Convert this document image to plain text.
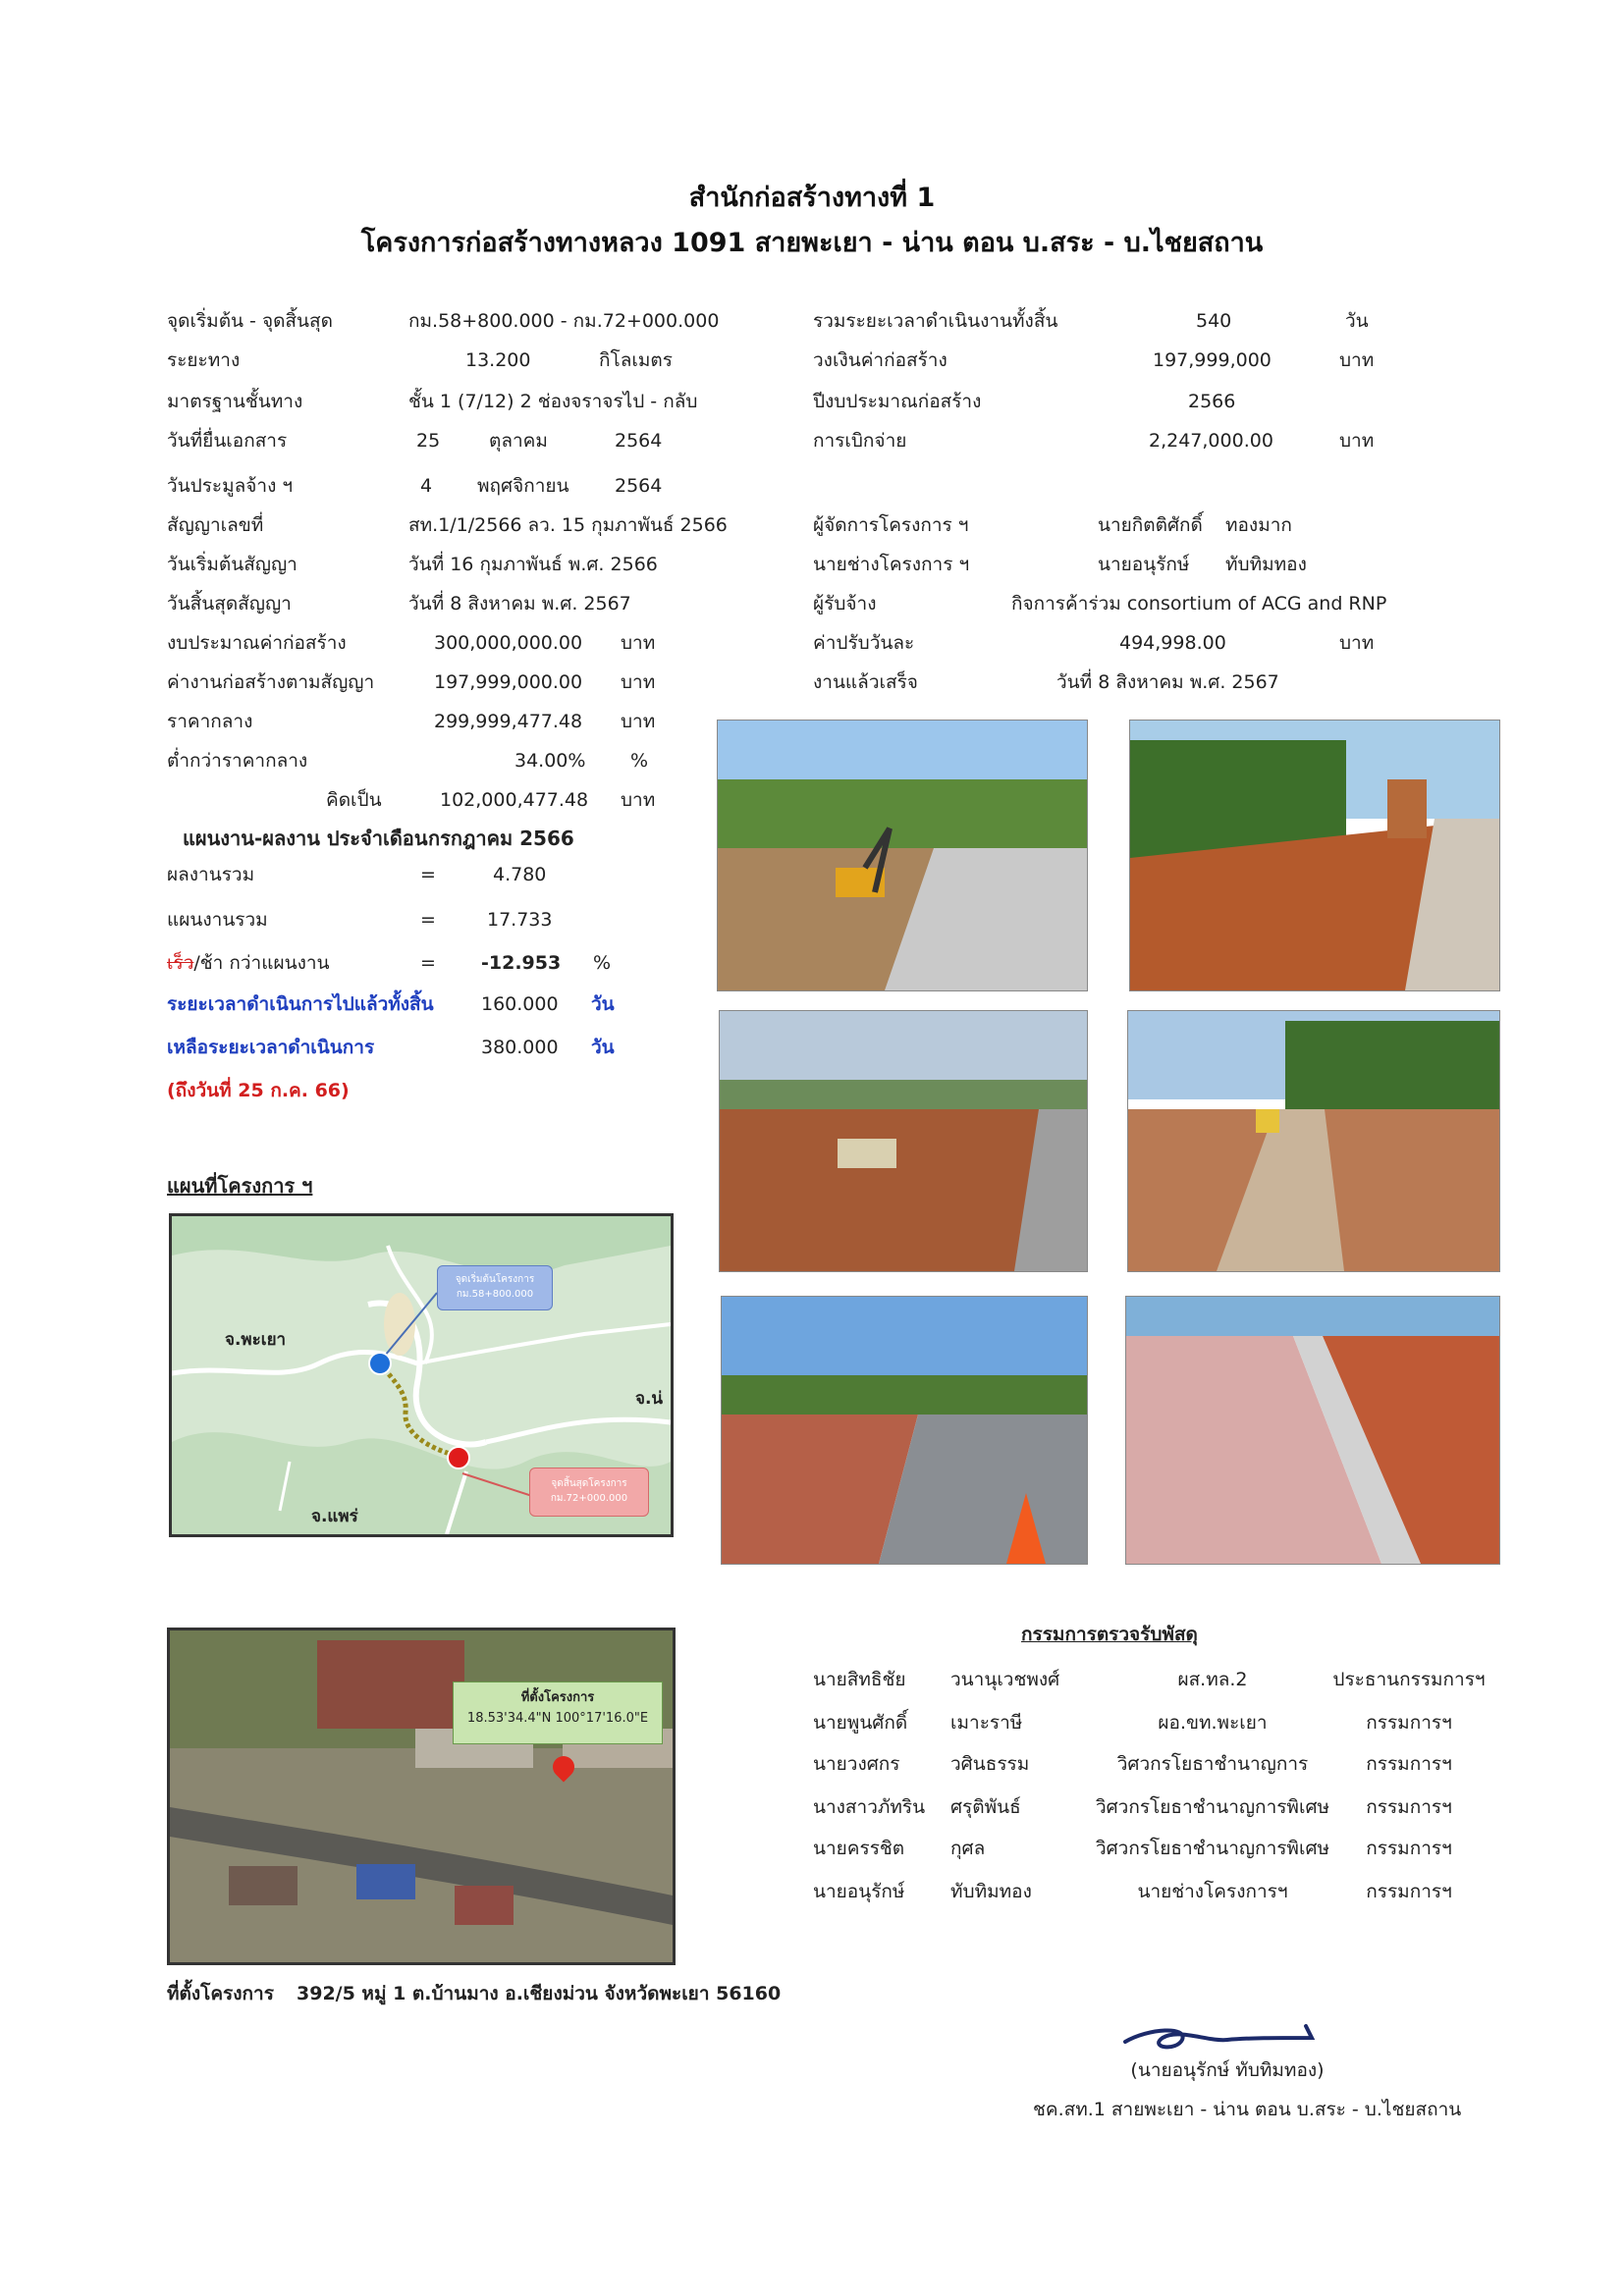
สำนักก่อสร้างทางที่ 1
โครงการก่อสร้างทางหลวง 1091 สายพะเยา - น่าน ตอน บ.สระ - บ.ไชยสถาน
จุดเริ่มต้น - จุดสิ้นสุด	กม.58+800.000 - กม.72+000.000
ระยะทาง	13.200	กิโลเมตร
มาตรฐานชั้นทาง	ชั้น 1 (7/12) 2 ช่องจราจรไป - กลับ
วันที่ยื่นเอกสาร	25	ตุลาคม	2564
วันประมูลจ้าง ฯ	4 พฤศจิกายน 2564
สัญญาเลขที่	สท.1/1/2566 ลว. 15 กุมภาพันธ์ 2566
วันเริ่มต้นสัญญา	วันที่ 16 กุมภาพันธ์ พ.ศ. 2566
วันสิ้นสุดสัญญา	วันที่ 8 สิงหาคม พ.ศ. 2567
งบประมาณค่าก่อสร้าง	300,000,000.00 บาท
ค่างานก่อสร้างตามสัญญา	197,999,000.00 บาท
ราคากลาง	299,999,477.48 บาท
ต่ำกว่าราคากลาง	34.00% %
คิดเป็น	102,000,477.48 บาท
รวมระยะเวลาดำเนินงานทั้งสิ้น	540	วัน
วงเงินค่าก่อสร้าง	197,999,000	บาท
ปีงบประมาณก่อสร้าง	2566
การเบิกจ่าย	2,247,000.00	บาท
ผู้จัดการโครงการ ฯ	นายกิตติศักดิ์ ทองมาก
นายช่างโครงการ ฯ	นายอนุรักษ์ ทับทิมทอง
ผู้รับจ้าง	กิจการค้าร่วม consortium of ACG and RNP
ค่าปรับวันละ	494,998.00	บาท
งานแล้วเสร็จ	วันที่ 8 สิงหาคม พ.ศ. 2567
แผนงาน-ผลงาน ประจำเดือน กรกฎาคม 2566
ผลงานรวม	=	4.780
แผนงานรวม	=	17.733
เร็ว/ช้า กว่าแผนงาน	= -12.953 %
ระยะเวลาดำเนินการไปแล้วทั้งสิ้น	160.000 วัน
เหลือระยะเวลาดำเนินการ	380.000 วัน
(ถึงวันที่ 25 ก.ค. 66)
แผนที่โครงการ ฯ
จุดเริ่มต้นโครงการ
กม.58+800.000
จุดสิ้นสุดโครงการ
กม.72+000.000
จ.พะเยา
จ.น่
จ.แพร่
ที่ตั้งโครงการ
18.53'34.4"N 100°17'16.0"E
ที่ตั้งโครงการ 392/5 หมู่ 1 ต.บ้านมาง อ.เชียงม่วน จังหวัดพะเยา 56160
กรรมการตรวจรับพัสดุ
นายสิทธิชัย วนานุเวชพงศ์	ผส.ทล.2	ประธานกรรมการฯ
นายพูนศักดิ์ เมาะราษี	ผอ.ขท.พะเยา	กรรมการฯ
นายวงศกร	วศินธรรม	วิศวกรโยธาชำนาญการ	กรรมการฯ
นางสาวภัทริน ศรุติพันธ์	วิศวกรโยธาชำนาญการพิเศษ	กรรมการฯ
นายครรชิต กุศล	วิศวกรโยธาชำนาญการพิเศษ	กรรมการฯ
นายอนุรักษ์ ทับทิมทอง	นายช่างโครงการฯ	กรรมการฯ
(นายอนุรักษ์ ทับทิมทอง)
ชค.สท.1 สายพะเยา - น่าน ตอน บ.สระ - บ.ไชยสถาน
